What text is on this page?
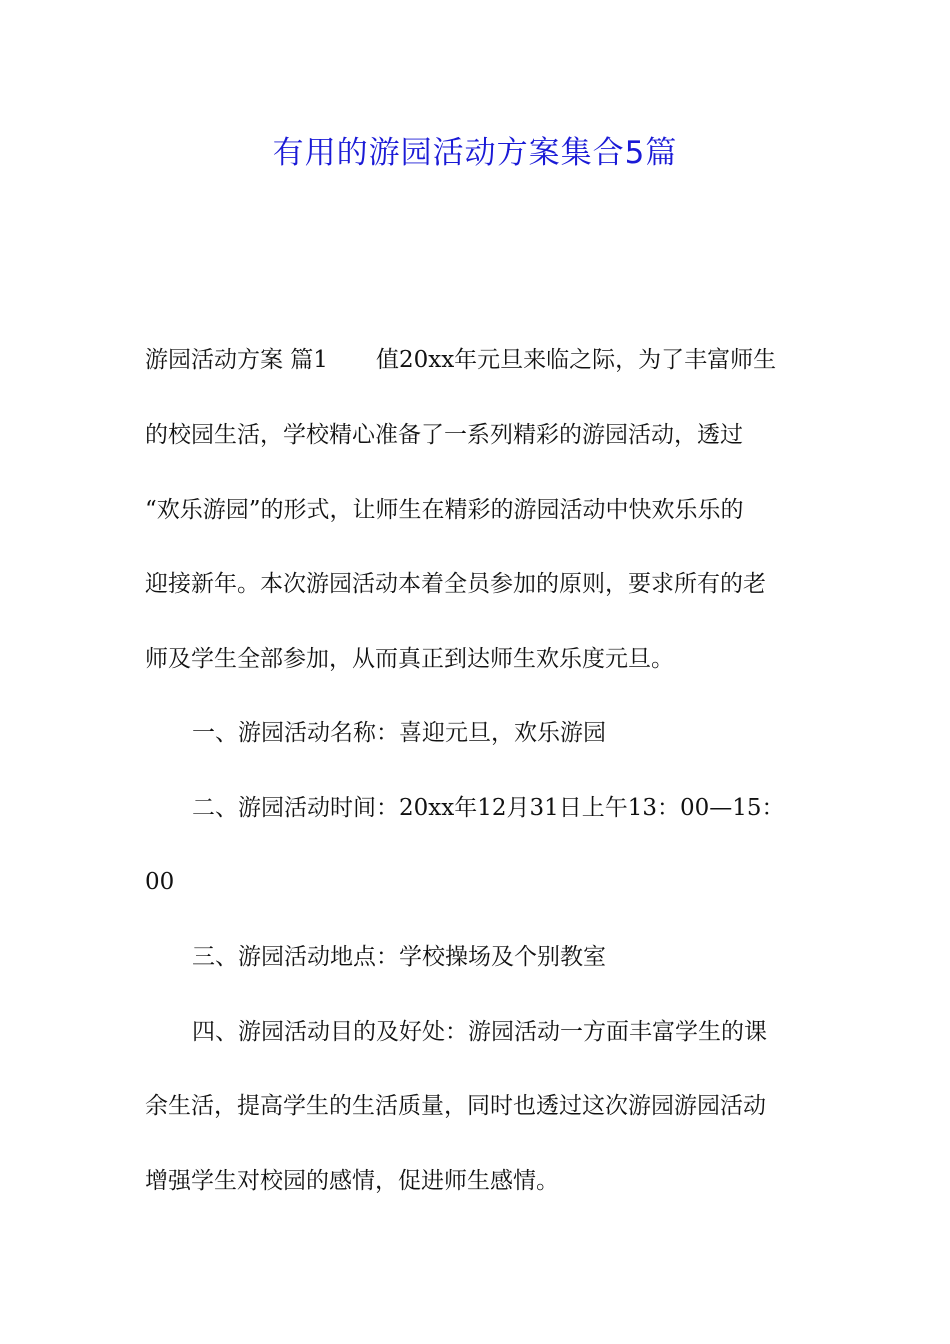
有用的游园活动方案集合5篇

游园活动方案 篇1 值20xx年元旦来临之际，为了丰富师生

的校园生活，学校精心准备了一系列精彩的游园活动，透过

“欢乐游园”的形式，让师生在精彩的游园活动中快欢乐乐的

迎接新年。本次游园活动本着全员参加的原则，要求所有的老

师及学生全部参加，从而真正到达师生欢乐度元旦。

一、游园活动名称：喜迎元旦，欢乐游园

二、游园活动时间：20xx年12月31日上午13：00—15：

00

三、游园活动地点：学校操场及个别教室

四、游园活动目的及好处：游园活动一方面丰富学生的课

余生活，提高学生的生活质量，同时也透过这次游园游园活动

增强学生对校园的感情，促进师生感情。
